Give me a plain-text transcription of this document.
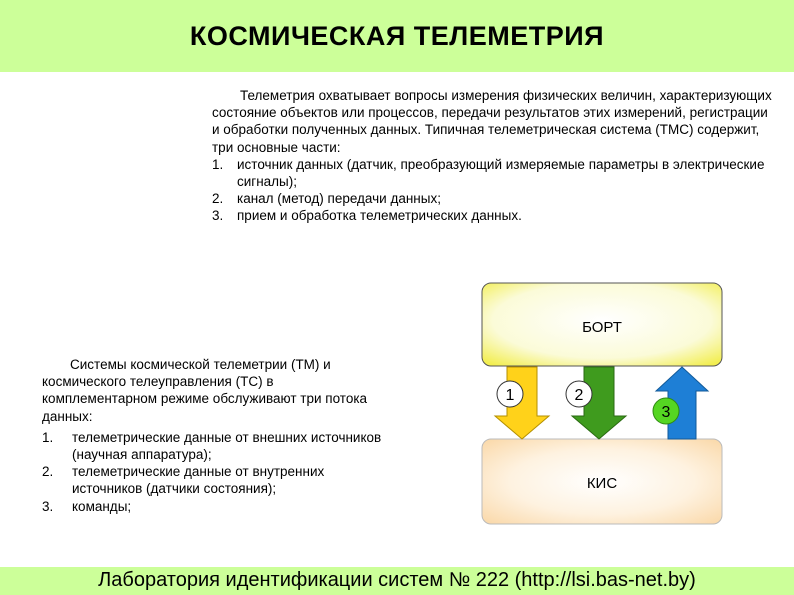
КОСМИЧЕСКАЯ ТЕЛЕМЕТРИЯ

Телеметрия охватывает вопросы измерения физических величин, характеризующих состояние объектов или процессов, передачи результатов этих измерений, регистрации и обработки полученных данных. Типичная телеметрическая система (ТМС) содержит, три основные части:

1.	источник данных (датчик, преобразующий измеряемые параметры в электрические сигналы);
2.	канал (метод) передачи данных;
3.	прием и обработка телеметрических данных.

Системы космической телеметрии (ТМ) и космического телеуправления (ТС) в комплементарном режиме обслуживают три потока данных:

1.	телеметрические данные от внешних источников (научная аппаратура);
2.	телеметрические данные от внутренних источников (датчики состояния);
3.	команды;
БОРТ
КИС
1	2
3
Лаборатория идентификации систем № 222 (http://lsi.bas-net.by)
